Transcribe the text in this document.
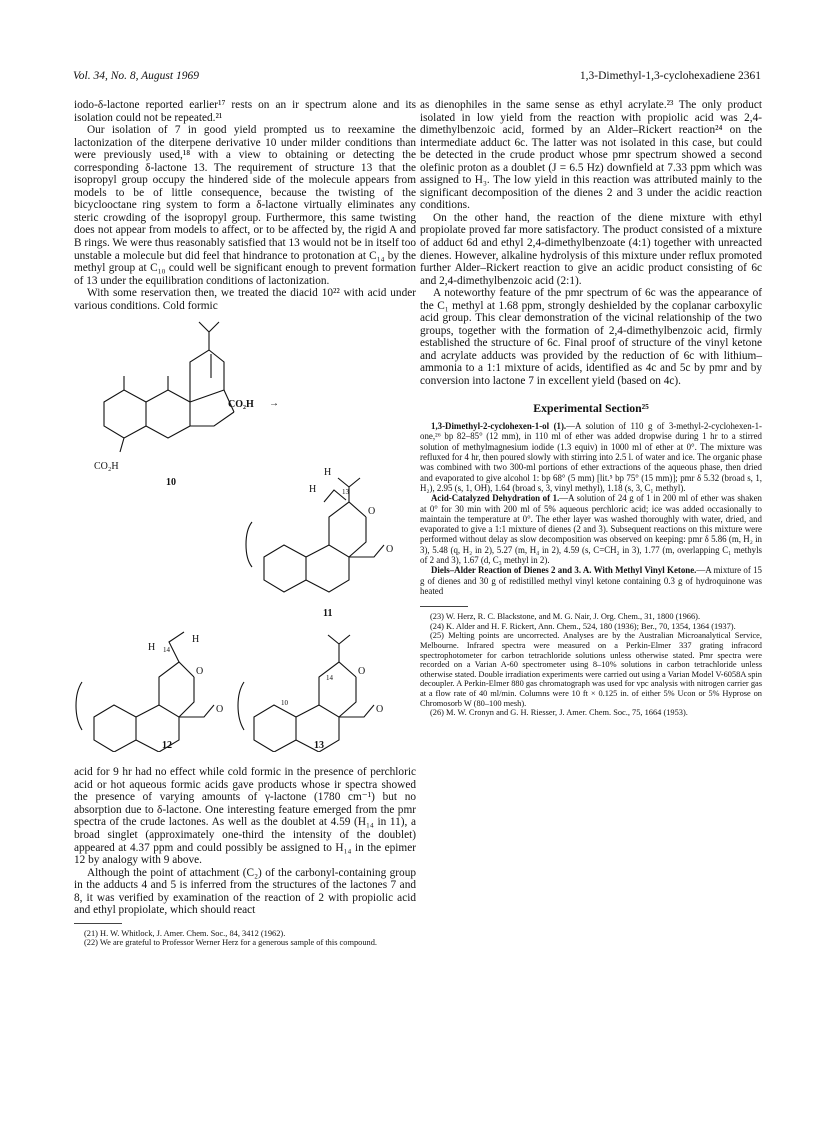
Vol. 34, No. 8, August 1969	1,3-Dimethyl-1,3-cyclohexadiene 2361

iodo-δ-lactone reported earlier¹⁷ rests on an ir spectrum alone and its isolation could not be repeated.²¹

Our isolation of 7 in good yield prompted us to reexamine the lactonization of the diterpene derivative 10 under milder conditions than were previously used,¹⁸ with a view to obtaining or detecting the corresponding δ-lactone 13. The requirement of structure 13 that the isopropyl group occupy the hindered side of the molecule appears from models to be of little consequence, because the twisting of the bicyclooctane ring system to form a δ-lactone virtually eliminates any steric crowding of the isopropyl group. Furthermore, this same twisting does not appear from models to affect, or to be affected by, the rigid A and B rings. We were thus reasonably satisfied that 13 would not be in itself too unstable a molecule but did feel that hindrance to protonation at C₁₄ by the methyl group at C₁₀ could well be significant enough to prevent formation of 13 under the equilibration conditions of lactonization.

With some reservation then, we treated the diacid 10²² with acid under various conditions. Cold formic

CO₂H →
CO₂H
10
H
H	13
O
O
11
H
H 14
O
O
14
10
O
O
12	13

acid for 9 hr had no effect while cold formic in the presence of perchloric acid or hot aqueous formic acids gave products whose ir spectra showed the presence of varying amounts of γ-lactone (1780 cm⁻¹) but no absorption due to δ-lactone. One interesting feature emerged from the pmr spectra of the crude lactones. As well as the doublet at 4.59 (H₁₄ in 11), a broad singlet (approximately one-third the intensity of the doublet) appeared at 4.37 ppm and could possibly be assigned to H₁₄ in the epimer 12 by analogy with 9 above.

Although the point of attachment (C₂) of the carbonyl-containing group in the adducts 4 and 5 is inferred from the structures of the lactones 7 and 8, it was verified by examination of the reaction of 2 with propiolic acid and ethyl propiolate, which should react

(21) H. W. Whitlock, J. Amer. Chem. Soc., 84, 3412 (1962).

(22) We are grateful to Professor Werner Herz for a generous sample of this compound.

as dienophiles in the same sense as ethyl acrylate.²³ The only product isolated in low yield from the reaction with propiolic acid was 2,4-dimethylbenzoic acid, formed by an Alder–Rickert reaction²⁴ on the intermediate adduct 6c. The latter was not isolated in this case, but could be detected in the crude product whose pmr spectrum showed a second olefinic proton as a doublet (J = 6.5 Hz) downfield at 7.33 ppm which was assigned to H₃. The low yield in this reaction was attributed mainly to the significant decomposition of the dienes 2 and 3 under the acidic reaction conditions.

On the other hand, the reaction of the diene mixture with ethyl propiolate proved far more satisfactory. The product consisted of a mixture of adduct 6d and ethyl 2,4-dimethylbenzoate (4:1) together with unreacted dienes. However, alkaline hydrolysis of this mixture under reflux promoted further Alder–Rickert reaction to give an acidic product consisting of 6c and 2,4-dimethylbenzoic acid (2:1).

A noteworthy feature of the pmr spectrum of 6c was the appearance of the C₁ methyl at 1.68 ppm, strongly deshielded by the coplanar carboxylic acid group. This clear demonstration of the vicinal relationship of the two groups, together with the formation of 2,4-dimethylbenzoic acid, firmly established the structure of 6c. Final proof of structure of the vinyl ketone and acrylate adducts was provided by the reduction of 6c with lithium–ammonia to a 1:1 mixture of acids, identified as 4c and 5c by pmr and by conversion into lactone 7 in excellent yield (based on 4c).

Experimental Section²⁵

1,3-Dimethyl-2-cyclohexen-1-ol (1).—A solution of 110 g of 3-methyl-2-cyclohexen-1-one,²⁶ bp 82–85° (12 mm), in 110 ml of ether was added dropwise during 1 hr to a stirred solution of methylmagnesium iodide (1.3 equiv) in 1000 ml of ether at 0°. The mixture was refluxed for 4 hr, then poured slowly with stirring into 2.5 l. of water and ice. The organic phase was combined with two 300-ml portions of ether extractions of the aqueous phase, then dried and evaporated to give alcohol 1: bp 68° (5 mm) [lit.⁵ bp 75° (15 mm)]; pmr δ 5.32 (broad s, 1, H₂), 2.95 (s, 1, OH), 1.64 (broad s, 3, vinyl methyl), 1.18 (s, 3, C₁ methyl).

Acid-Catalyzed Dehydration of 1.—A solution of 24 g of 1 in 200 ml of ether was shaken at 0° for 30 min with 200 ml of 5% aqueous perchloric acid; ice was added occasionally to maintain the temperature at 0°. The ether layer was washed thoroughly with water, dried, and evaporated to give a 1:1 mixture of dienes (2 and 3). Subsequent reactions on this mixture were performed without delay as slow decomposition was observed on keeping: pmr δ 5.86 (m, H₂ in 3), 5.48 (q, H₂ in 2), 5.27 (m, H₄ in 2), 4.59 (s, C=CH₂ in 3), 1.77 (m, overlapping C₁ methyls of 2 and 3), 1.67 (d, C₃ methyl in 2).

Diels–Alder Reaction of Dienes 2 and 3. A. With Methyl Vinyl Ketone.—A mixture of 15 g of dienes and 30 g of redistilled methyl vinyl ketone containing 0.3 g of hydroquinone was heated

(23) W. Herz, R. C. Blackstone, and M. G. Nair, J. Org. Chem., 31, 1800 (1966).

(24) K. Alder and H. F. Rickert, Ann. Chem., 524, 180 (1936); Ber., 70, 1354, 1364 (1937).

(25) Melting points are uncorrected. Analyses are by the Australian Microanalytical Service, Melbourne. Infrared spectra were measured on a Perkin-Elmer 337 grating infracord spectrophotometer for carbon tetrachloride solutions unless otherwise stated. Pmr spectra were recorded on a Varian A-60 spectrometer using 8–10% solutions in carbon tetrachloride unless otherwise stated. Double irradiation experiments were carried out using a Varian Model V-6058A spin decoupler. A Perkin-Elmer 880 gas chromatograph was used for vpc analysis with nitrogen carrier gas at a flow rate of 40 ml/min. Columns were 10 ft × 0.125 in. of either 5% Ucon or 5% Hyprose on Chromosorb W (80–100 mesh).

(26) M. W. Cronyn and G. H. Riesser, J. Amer. Chem. Soc., 75, 1664 (1953).
